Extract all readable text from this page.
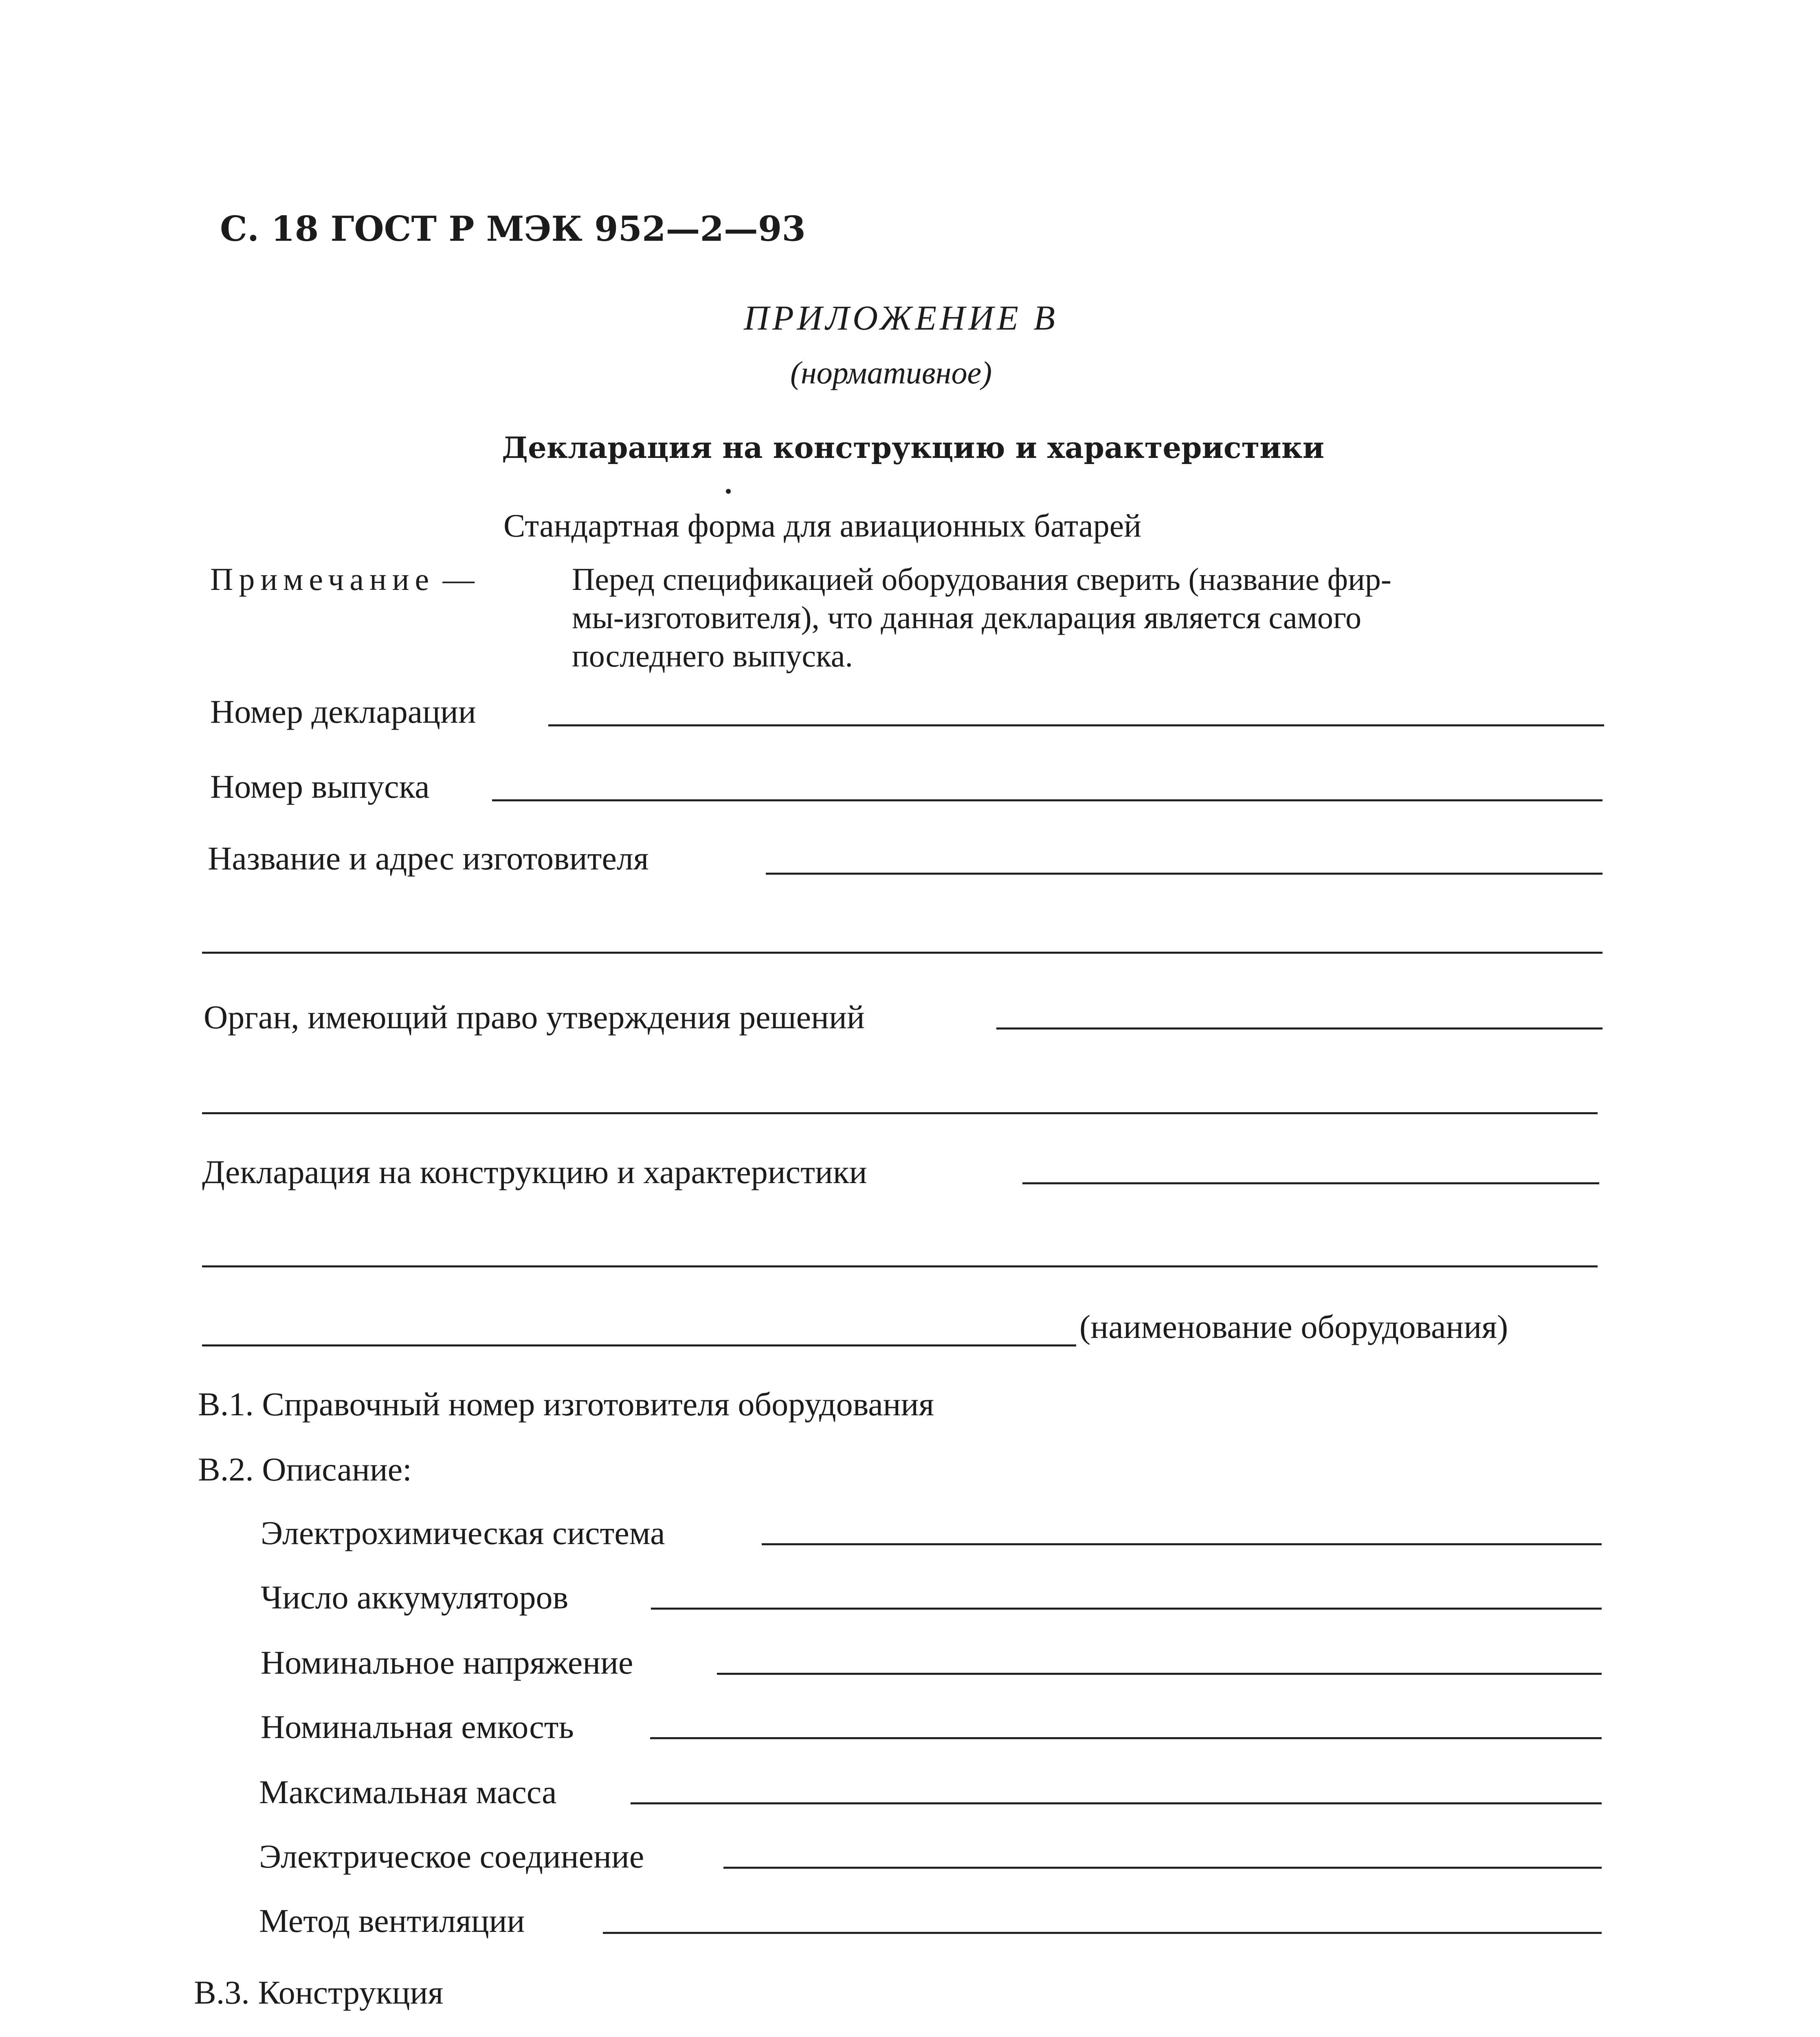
С. 18 ГОСТ Р МЭК 952—2—93
ПРИЛОЖЕНИЕ В
(нормативное)
Декларация на конструкцию и характеристики
Стандартная форма для авиационных батарей
Примечание —	Перед спецификацией оборудования сверить (название фир-
мы-изготовителя), что данная декларация является самого
последнего выпуска.
Номер декларации
Номер выпуска
Название и адрес изготовителя
Орган, имеющий право утверждения решений
Декларация на конструкцию и характеристики
(наименование оборудования)
В.1. Справочный номер изготовителя оборудования
В.2. Описание:
Электрохимическая система
Число аккумуляторов
Номинальное напряжение
Номинальная емкость
Максимальная масса
Электрическое соединение
Метод вентиляции
В.3. Конструкция
